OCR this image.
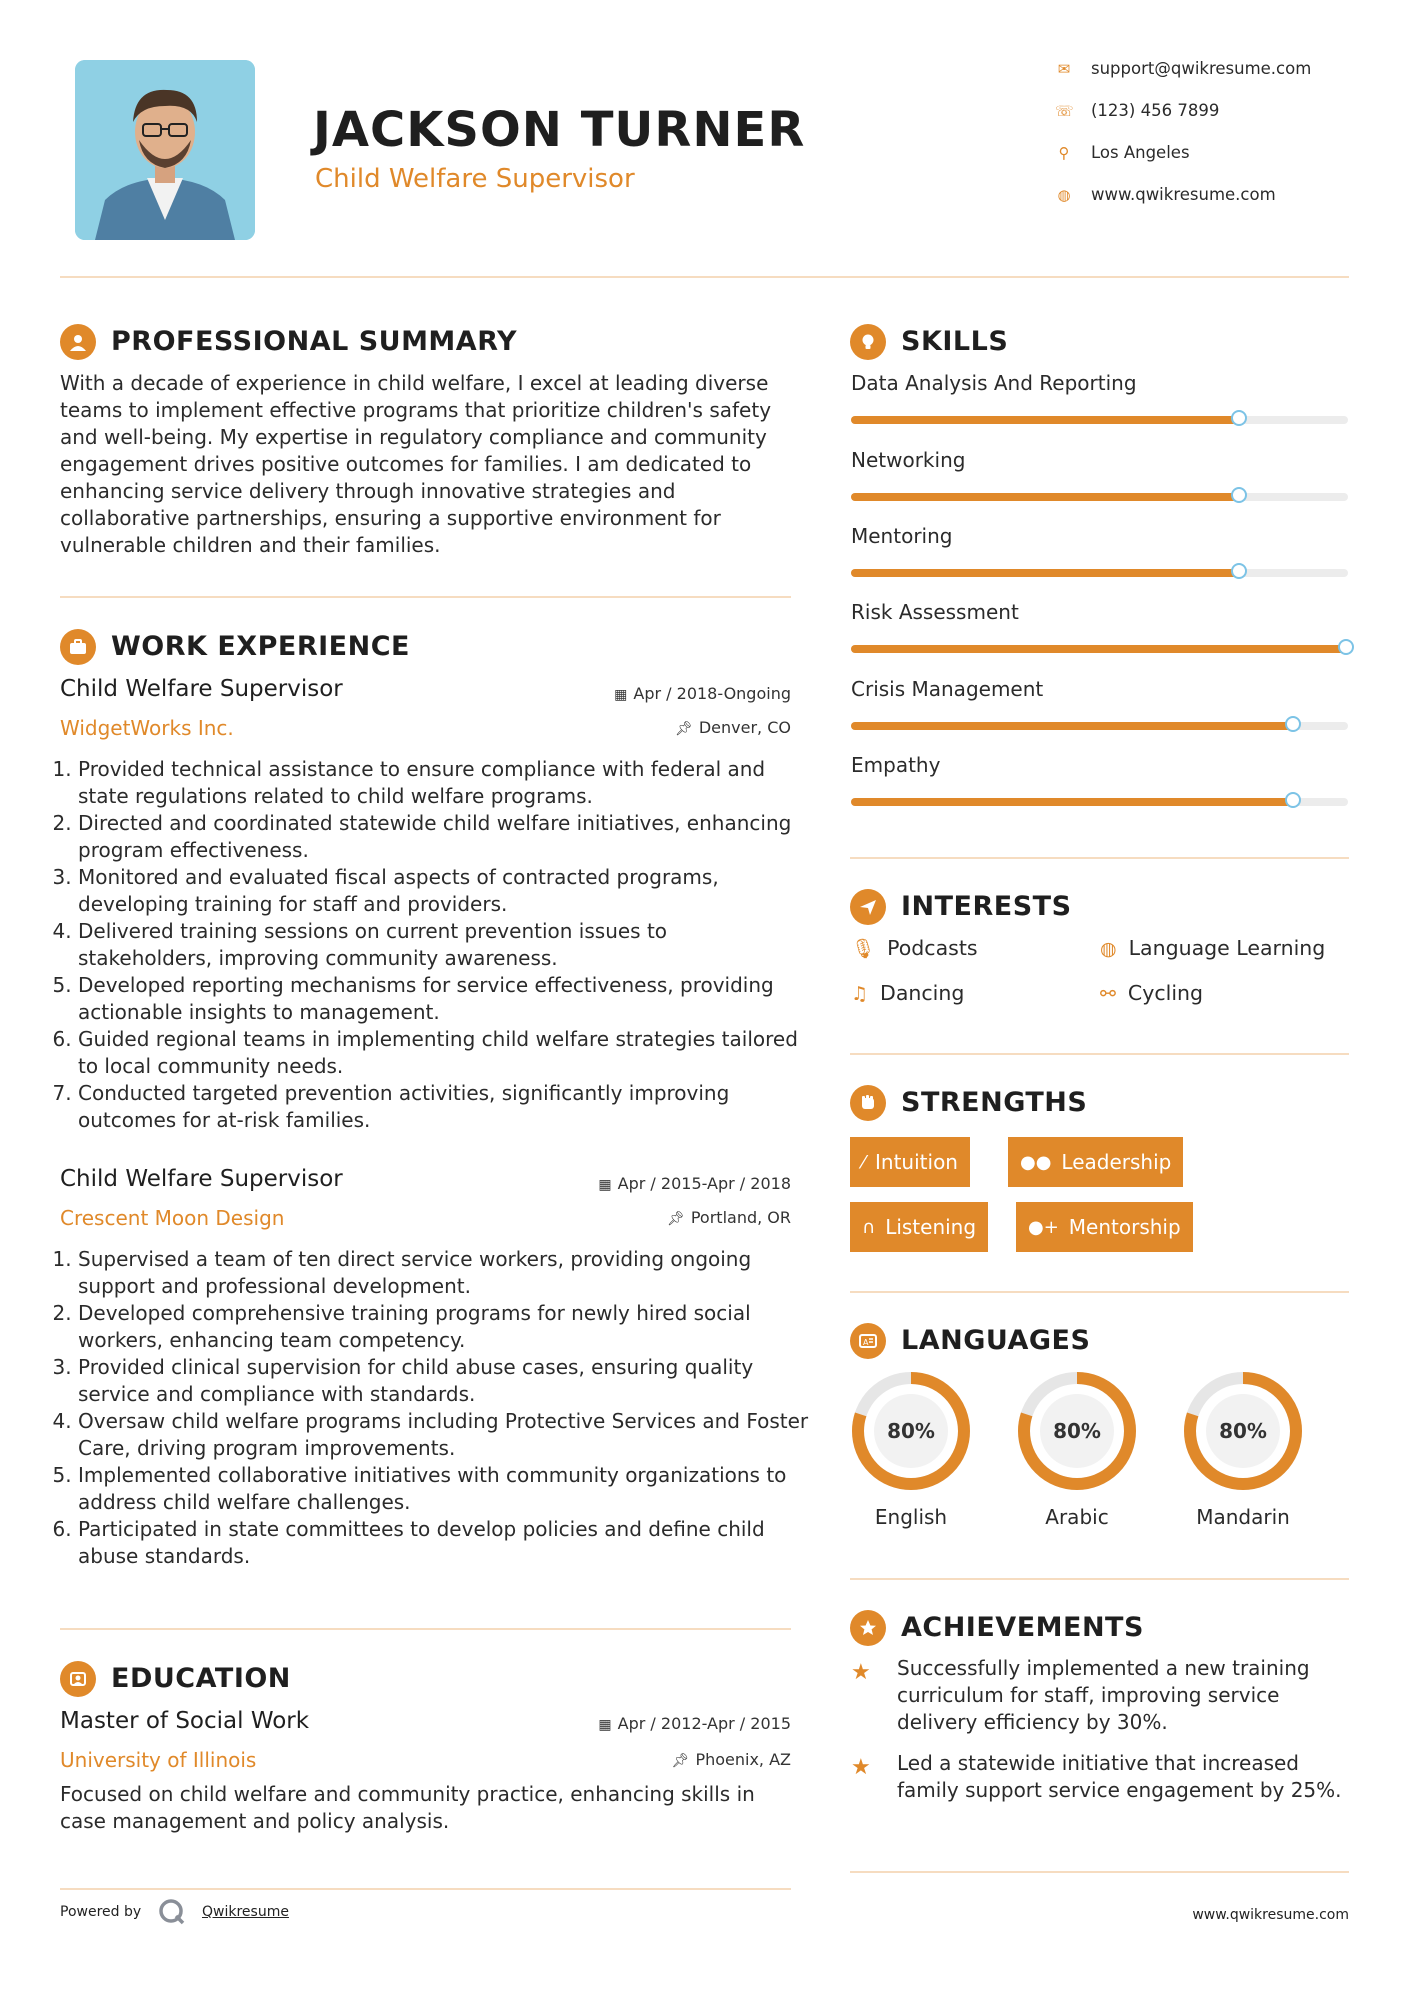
JACKSON TURNER
Child Welfare Supervisor
✉ support@qwikresume.com
☏ (123) 456 7899
⚲ Los Angeles
◍ www.qwikresume.com
PROFESSIONAL SUMMARY
With a decade of experience in child welfare, I excel at leading diverse teams to implement effective programs that prioritize children's safety and well-being. My expertise in regulatory compliance and community engagement drives positive outcomes for families. I am dedicated to enhancing service delivery through innovative strategies and collaborative partnerships, ensuring a supportive environment for vulnerable children and their families.
WORK EXPERIENCE
Child Welfare Supervisor	▦ Apr / 2018-Ongoing
WidgetWorks Inc.	📌︎ Denver, CO
1. Provided technical assistance to ensure compliance with federal and state regulations related to child welfare programs.
2. Directed and coordinated statewide child welfare initiatives, enhancing program effectiveness.
3. Monitored and evaluated fiscal aspects of contracted programs, developing training for staff and providers.
4. Delivered training sessions on current prevention issues to stakeholders, improving community awareness.
5. Developed reporting mechanisms for service effectiveness, providing actionable insights to management.
6. Guided regional teams in implementing child welfare strategies tailored to local community needs.
7. Conducted targeted prevention activities, significantly improving outcomes for at-risk families.
Child Welfare Supervisor	▦ Apr / 2015-Apr / 2018
Crescent Moon Design	📌︎ Portland, OR
1. Supervised a team of ten direct service workers, providing ongoing support and professional development.
2. Developed comprehensive training programs for newly hired social workers, enhancing team competency.
3. Provided clinical supervision for child abuse cases, ensuring quality service and compliance with standards.
4. Oversaw child welfare programs including Protective Services and Foster Care, driving program improvements.
5. Implemented collaborative initiatives with community organizations to address child welfare challenges.
6. Participated in state committees to develop policies and define child abuse standards.
EDUCATION
Master of Social Work	▦ Apr / 2012-Apr / 2015
University of Illinois	📌︎ Phoenix, AZ
Focused on child welfare and community practice, enhancing skills in case management and policy analysis.
Powered by	Qwikresume
SKILLS
Data Analysis And Reporting
Networking
Mentoring
Risk Assessment
Crisis Management
Empathy
INTERESTS
🎙︎ Podcasts	◍ Language Learning
♫ Dancing	⚯ Cycling
STRENGTHS
⁄ Intuition	●● Leadership
∩ Listening	●+ Mentorship
A LANGUAGES
80%
English
80%
Arabic
80%
Mandarin
ACHIEVEMENTS
★ Successfully implemented a new training curriculum for staff, improving service delivery efficiency by 30%.
★ Led a statewide initiative that increased family support service engagement by 25%.
www.qwikresume.com
